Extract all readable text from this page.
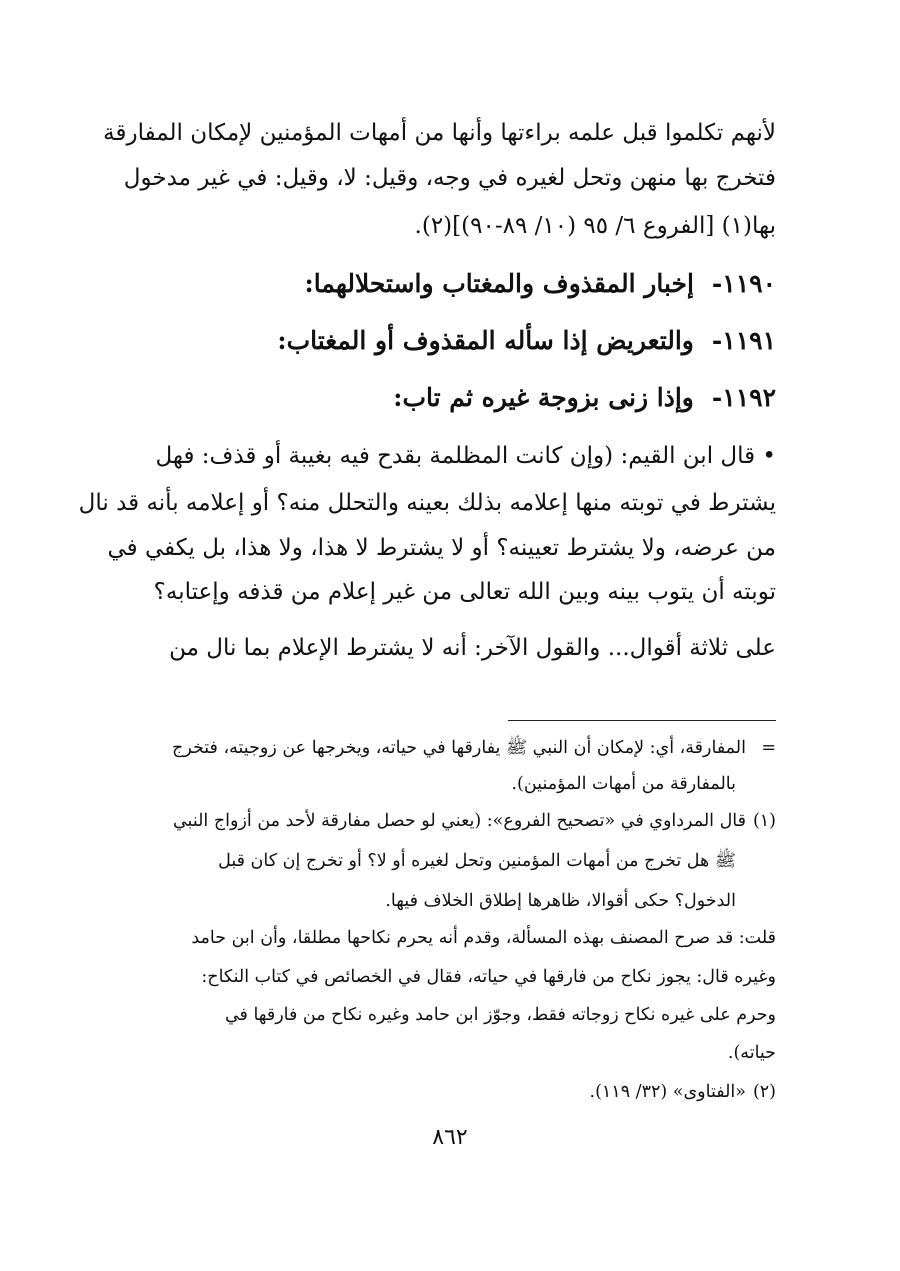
لأنهم تكلموا قبل علمه براءتها وأنها من أمهات المؤمنين لإمكان المفارقة
فتخرج بها منهن وتحل لغيره في وجه، وقيل: لا، وقيل: في غير مدخول
بها(١) [الفروع ٦/ ٩٥ (١٠/ ٨٩-٩٠)](٢).
١١٩٠-إخبار المقذوف والمغتاب واستحلالهما:
١١٩١-والتعريض إذا سأله المقذوف أو المغتاب:
١١٩٢-وإذا زنى بزوجة غيره ثم تاب:
• قال ابن القيم: (وإن كانت المظلمة بقدح فيه بغيبة أو قذف: فهل
يشترط في توبته منها إعلامه بذلك بعينه والتحلل منه؟ أو إعلامه بأنه قد نال
من عرضه، ولا يشترط تعيينه؟ أو لا يشترط لا هذا، ولا هذا، بل يكفي في
توبته أن يتوب بينه وبين الله تعالى من غير إعلام من قذفه وإعتابه؟
على ثلاثة أقوال... والقول الآخر: أنه لا يشترط الإعلام بما نال من
=المفارقة، أي: لإمكان أن النبي ﷺ يفارقها في حياته، ويخرجها عن زوجيته، فتخرج
بالمفارقة من أمهات المؤمنين).
(١)قال المرداوي في «تصحيح الفروع»: (يعني لو حصل مفارقة لأحد من أزواج النبي
ﷺ هل تخرج من أمهات المؤمنين وتحل لغيره أو لا؟ أو تخرج إن كان قبل
الدخول؟ حكى أقوالا، ظاهرها إطلاق الخلاف فيها.
قلت: قد صرح المصنف بهذه المسألة، وقدم أنه يحرم نكاحها مطلقا، وأن ابن حامد
وغيره قال: يجوز نكاح من فارقها في حياته، فقال في الخصائص في كتاب النكاح:
وحرم على غيره نكاح زوجاته فقط، وجوّز ابن حامد وغيره نكاح من فارقها في
حياته).
(٢)«الفتاوى» (٣٢/ ١١٩).
٨٦٢
